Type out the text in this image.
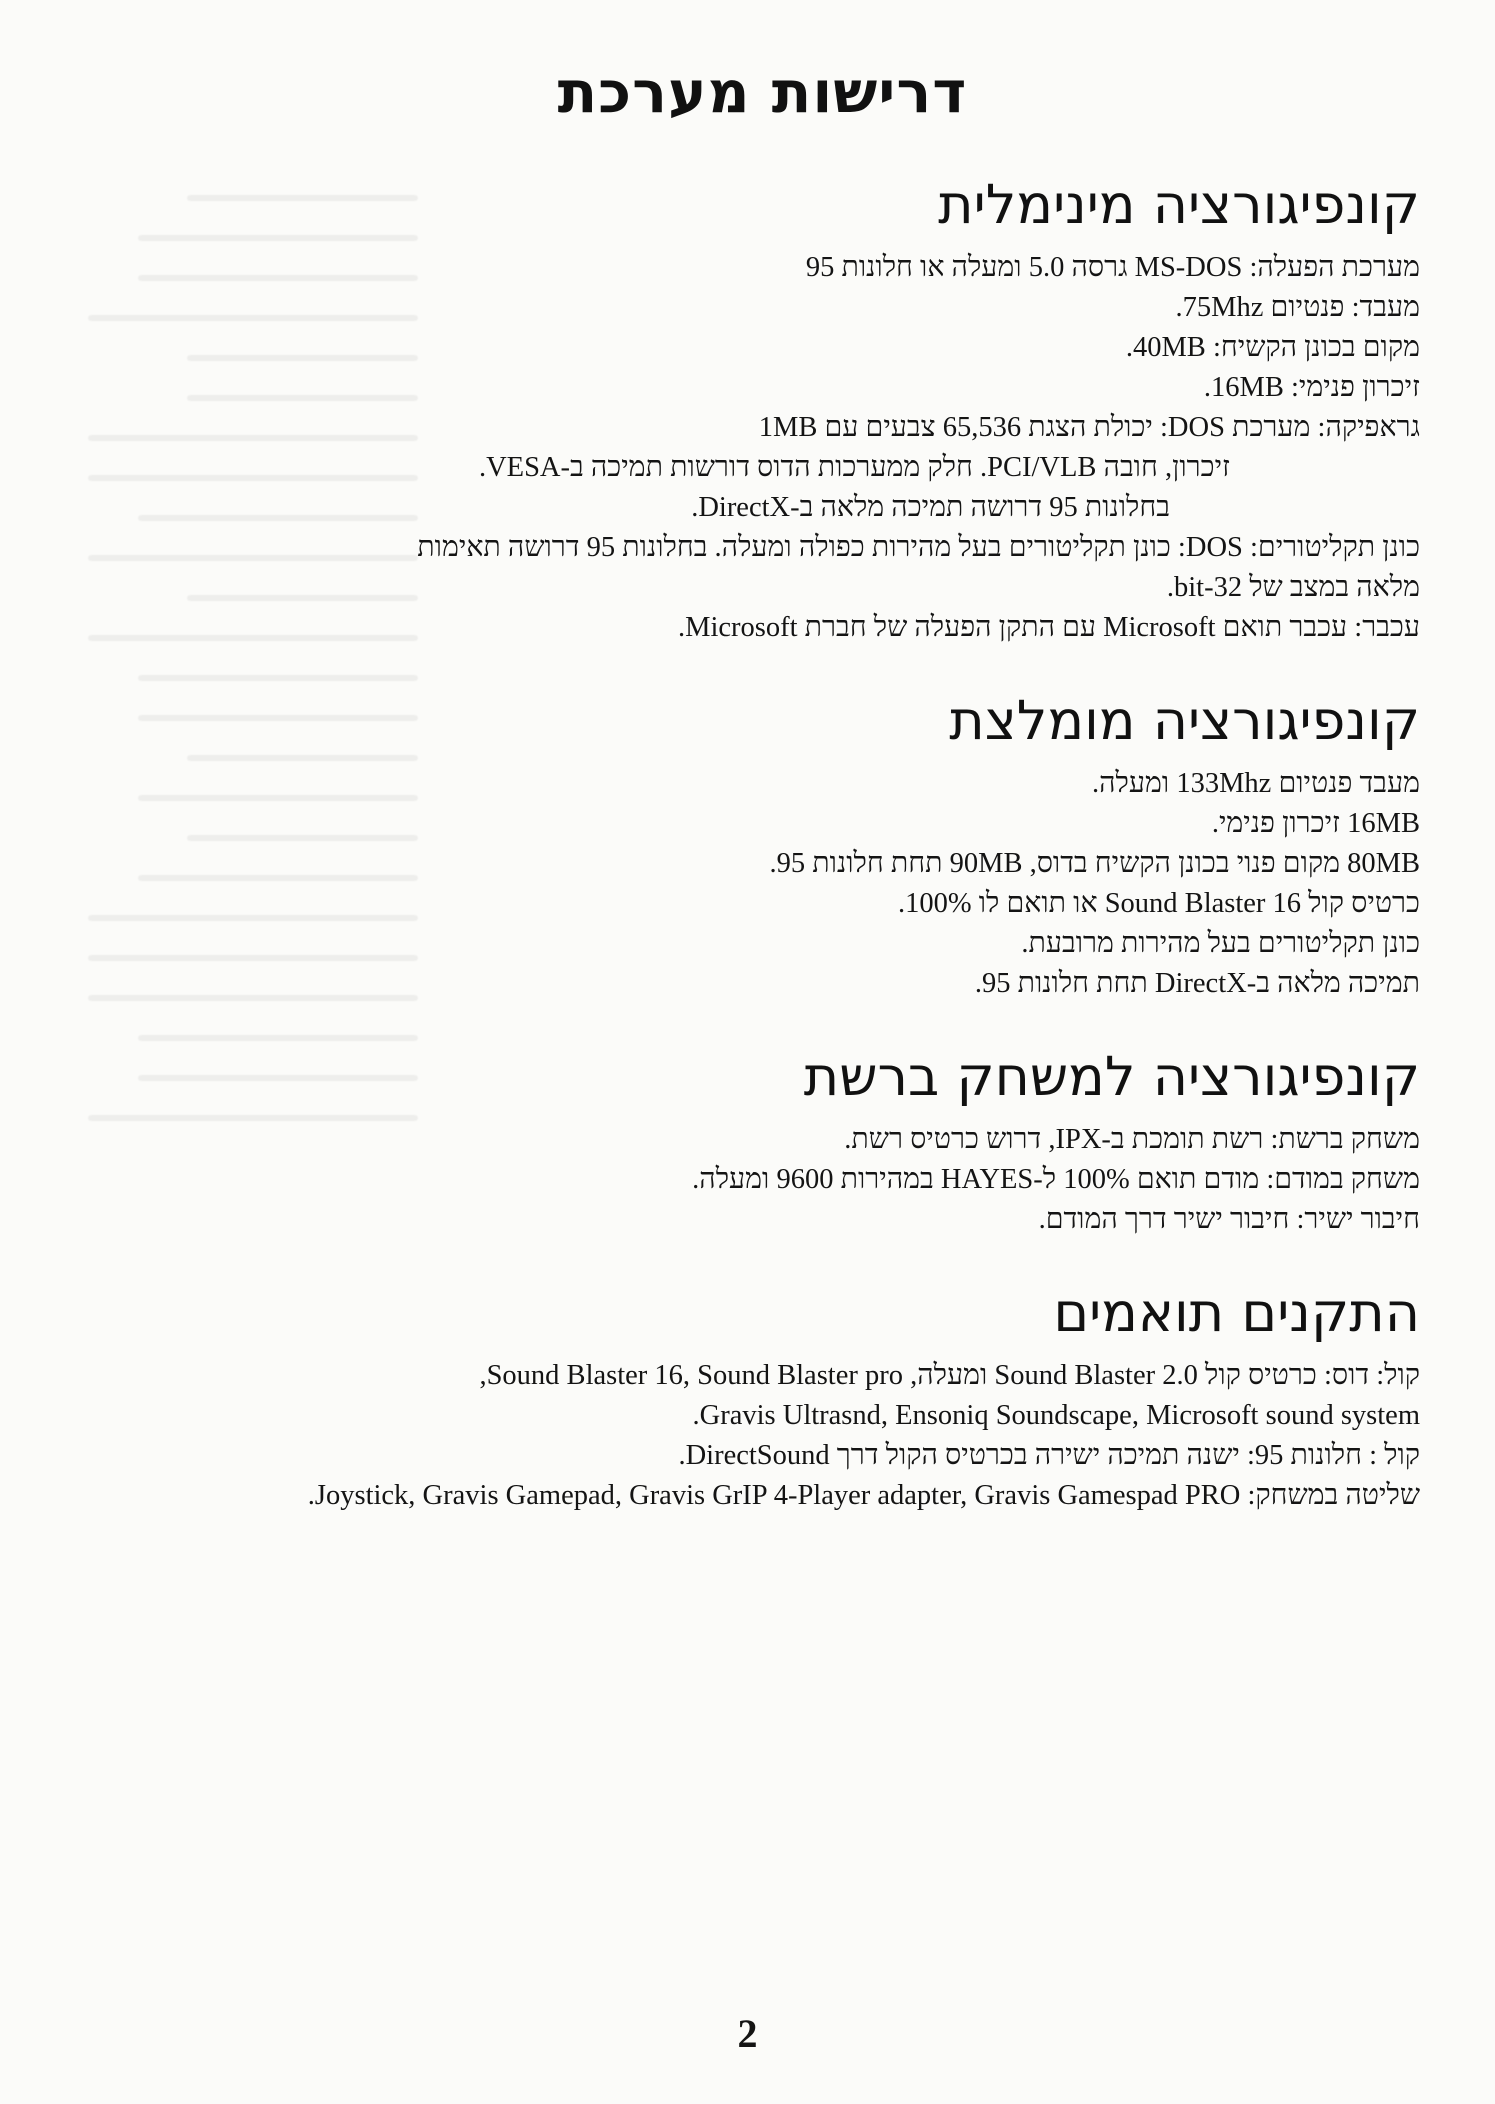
דרישות מערכת
קונפיגורציה מינימלית
מערכת הפעלה: MS-DOS גרסה 5.0 ומעלה או חלונות 95
מעבד: פנטיום 75Mhz.
מקום בכונן הקשיח: 40MB.
זיכרון פנימי: 16MB.
גראפיקה: מערכת DOS: יכולת הצגת 65,536 צבעים עם 1MB
זיכרון, חובה PCI/VLB. חלק ממערכות הדוס דורשות תמיכה ב-VESA.
בחלונות 95 דרושה תמיכה מלאה ב-DirectX.
כונן תקליטורים: DOS: כונן תקליטורים בעל מהירות כפולה ומעלה. בחלונות 95 דרושה תאימות
מלאה במצב של 32-bit.
עכבר: עכבר תואם Microsoft עם התקן הפעלה של חברת Microsoft.
קונפיגורציה מומלצת
מעבד פנטיום 133Mhz ומעלה.
16MB זיכרון פנימי.
80MB מקום פנוי בכונן הקשיח בדוס, 90MB תחת חלונות 95.
כרטיס קול Sound Blaster 16 או תואם לו 100%.
כונן תקליטורים בעל מהירות מרובעת.
תמיכה מלאה ב-DirectX תחת חלונות 95.
קונפיגורציה למשחק ברשת
משחק ברשת: רשת תומכת ב-IPX, דרוש כרטיס רשת.
משחק במודם: מודם תואם 100% ל-HAYES במהירות 9600 ומעלה.
חיבור ישיר: חיבור ישיר דרך המודם.
התקנים תואמים
קול: דוס: כרטיס קול Sound Blaster 2.0 ומעלה, Sound Blaster 16, Sound Blaster pro,
Gravis Ultrasnd, Ensoniq Soundscape, Microsoft sound system.
קול : חלונות 95: ישנה תמיכה ישירה בכרטיס הקול דרך DirectSound.
שליטה במשחק: Joystick, Gravis Gamepad, Gravis GrIP 4-Player adapter, Gravis Gamespad PRO.
2
